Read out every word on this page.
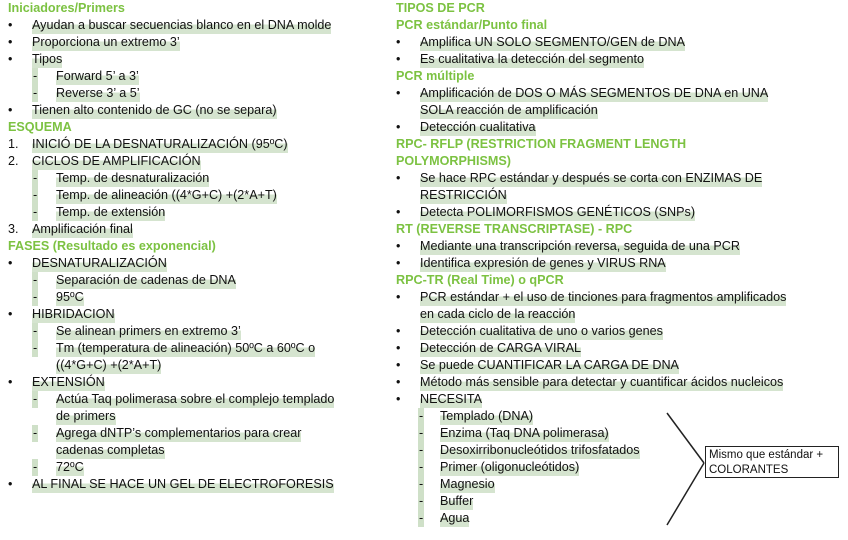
Iniciadores/Primers
• Ayudan a buscar secuencias blanco en el DNA molde
• Proporciona un extremo 3’
• Tipos
- Forward 5’ a 3’
- Reverse 3’ a 5’
• Tienen alto contenido de GC (no se separa)
ESQUEMA
1. INICIÓ DE LA DESNATURALIZACIÓN (95ºC)
2. CICLOS DE AMPLIFICACIÓN
- Temp. de desnaturalización
- Temp. de alineación ((4*G+C) +(2*A+T)
- Temp. de extensión
3. Amplificación final
FASES (Resultado es exponencial)
• DESNATURALIZACIÓN
- Separación de cadenas de DNA
- 95ºC
• HIBRIDACION
- Se alinean primers en extremo 3’
- Tm (temperatura de alineación) 50ºC a 60ºC o
((4*G+C) +(2*A+T)
• EXTENSIÓN
- Actúa Taq polimerasa sobre el complejo templado
de primers
- Agrega dNTP’s complementarios para crear
cadenas completas
- 72ºC
• AL FINAL SE HACE UN GEL DE ELECTROFORESIS
TIPOS DE PCR
PCR estándar/Punto final
• Amplifica UN SOLO SEGMENTO/GEN de DNA
• Es cualitativa la detección del segmento
PCR múltiple
• Amplificación de DOS O MÁS SEGMENTOS DE DNA en UNA
SOLA reacción de amplificación
• Detección cualitativa
RPC- RFLP (RESTRICTION FRAGMENT LENGTH
POLYMORPHISMS)
• Se hace RPC estándar y después se corta con ENZIMAS DE
RESTRICCIÓN
• Detecta POLIMORFISMOS GENÉTICOS (SNPs)
RT (REVERSE TRANSCRIPTASE) - RPC
• Mediante una transcripción reversa, seguida de una PCR
• Identifica expresión de genes y VIRUS RNA
RPC-TR (Real Time) o qPCR
• PCR estándar + el uso de tinciones para fragmentos amplificados
en cada ciclo de la reacción
• Detección cualitativa de uno o varios genes
• Detección de CARGA VIRAL
• Se puede CUANTIFICAR LA CARGA DE DNA
• Método más sensible para detectar y cuantificar ácidos nucleicos
• NECESITA
- Templado (DNA)
- Enzima (Taq DNA polimerasa)
- Desoxirribonucleótidos trifosfatados
- Primer (oligonucleótidos)
- Magnesio
- Buffer
- Agua
Mismo que estándar +
COLORANTES
